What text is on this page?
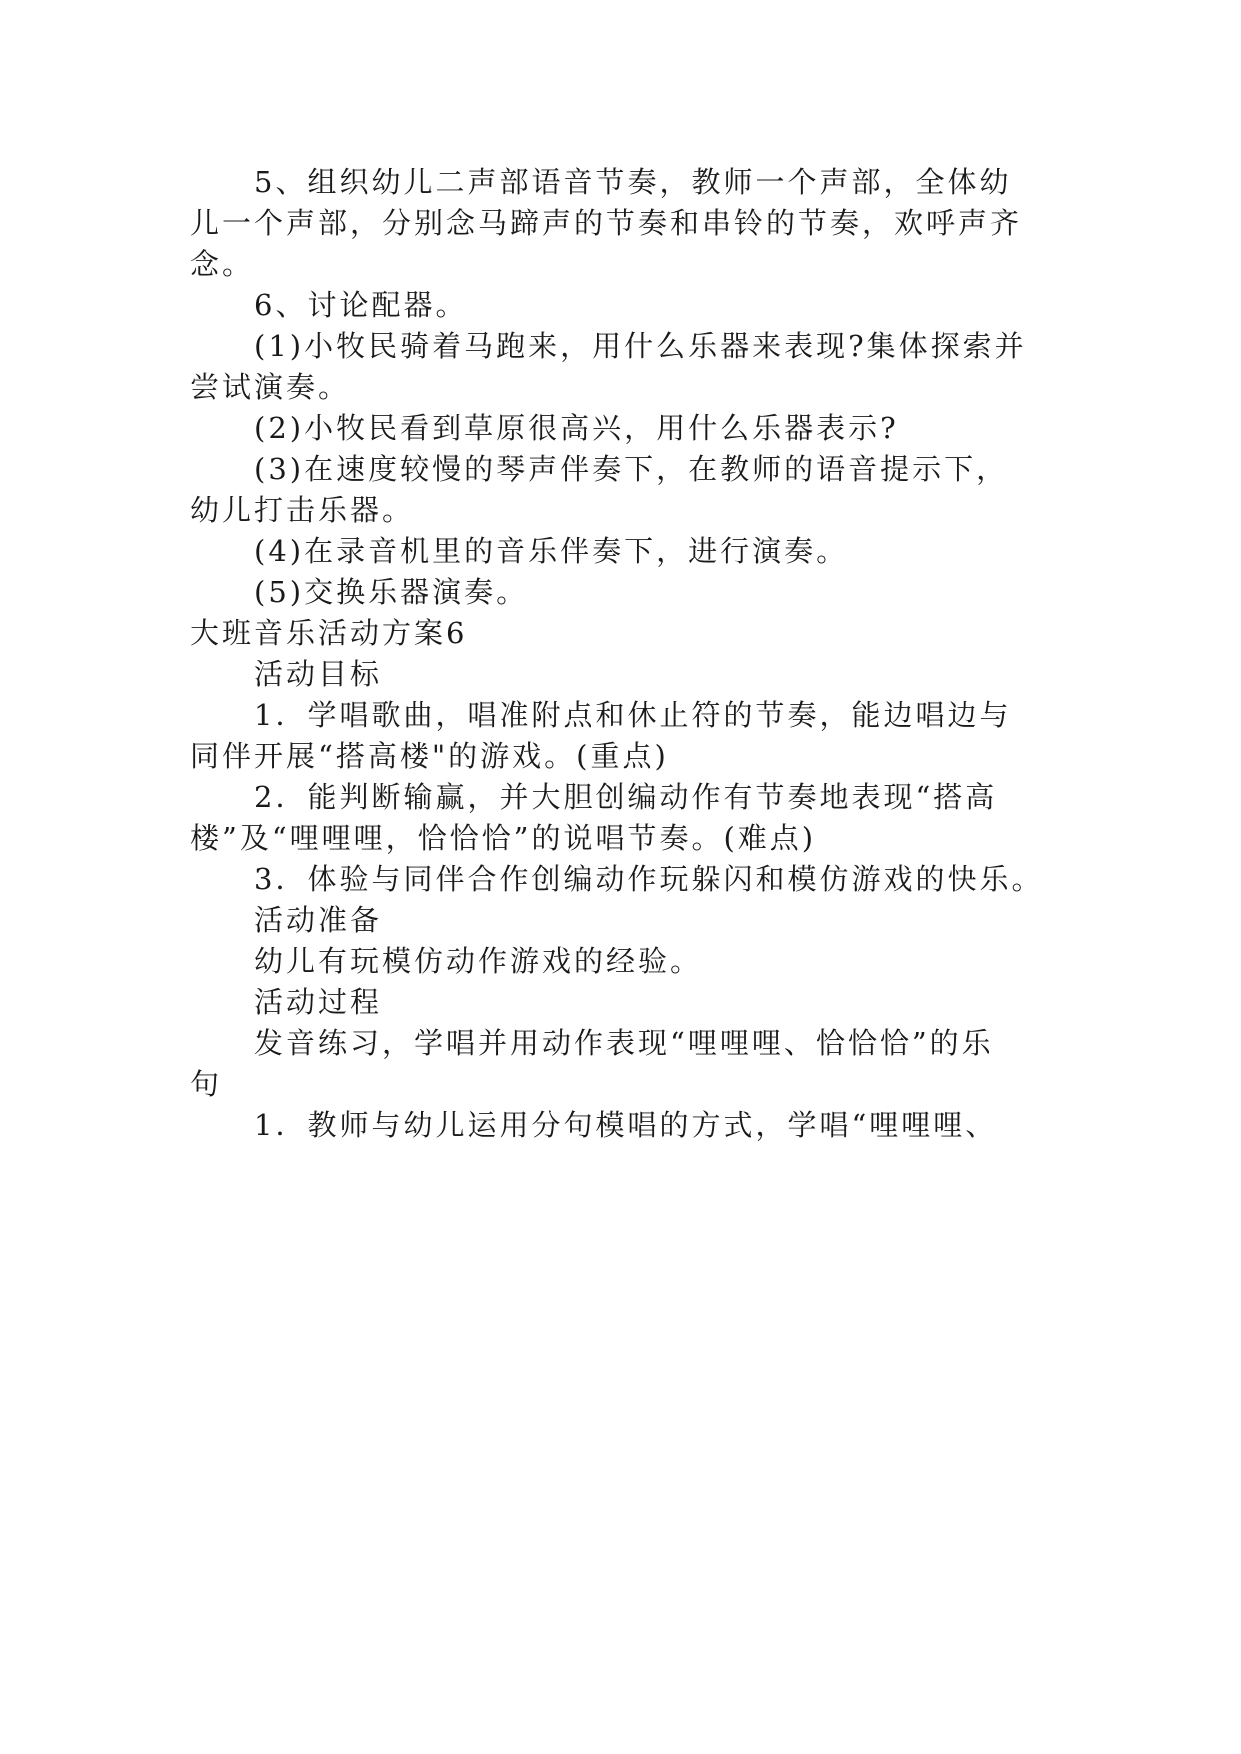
5、组织幼儿二声部语音节奏，教师一个声部，全体幼
儿一个声部，分别念马蹄声的节奏和串铃的节奏，欢呼声齐
念。
6、讨论配器。
(1)小牧民骑着马跑来，用什么乐器来表现?集体探索并
尝试演奏。
(2)小牧民看到草原很高兴，用什么乐器表示?
(3)在速度较慢的琴声伴奏下，在教师的语音提示下，
幼儿打击乐器。
(4)在录音机里的音乐伴奏下，进行演奏。
(5)交换乐器演奏。
大班音乐活动方案6
活动目标
1．学唱歌曲，唱准附点和休止符的节奏，能边唱边与
同伴开展“搭高楼"的游戏。(重点)
2．能判断输赢，并大胆创编动作有节奏地表现“搭高
楼”及“哩哩哩，恰恰恰”的说唱节奏。(难点)
3．体验与同伴合作创编动作玩躲闪和模仿游戏的快乐。
活动准备
幼儿有玩模仿动作游戏的经验。
活动过程
发音练习，学唱并用动作表现“哩哩哩、恰恰恰”的乐
句
1．教师与幼儿运用分句模唱的方式，学唱“哩哩哩、
